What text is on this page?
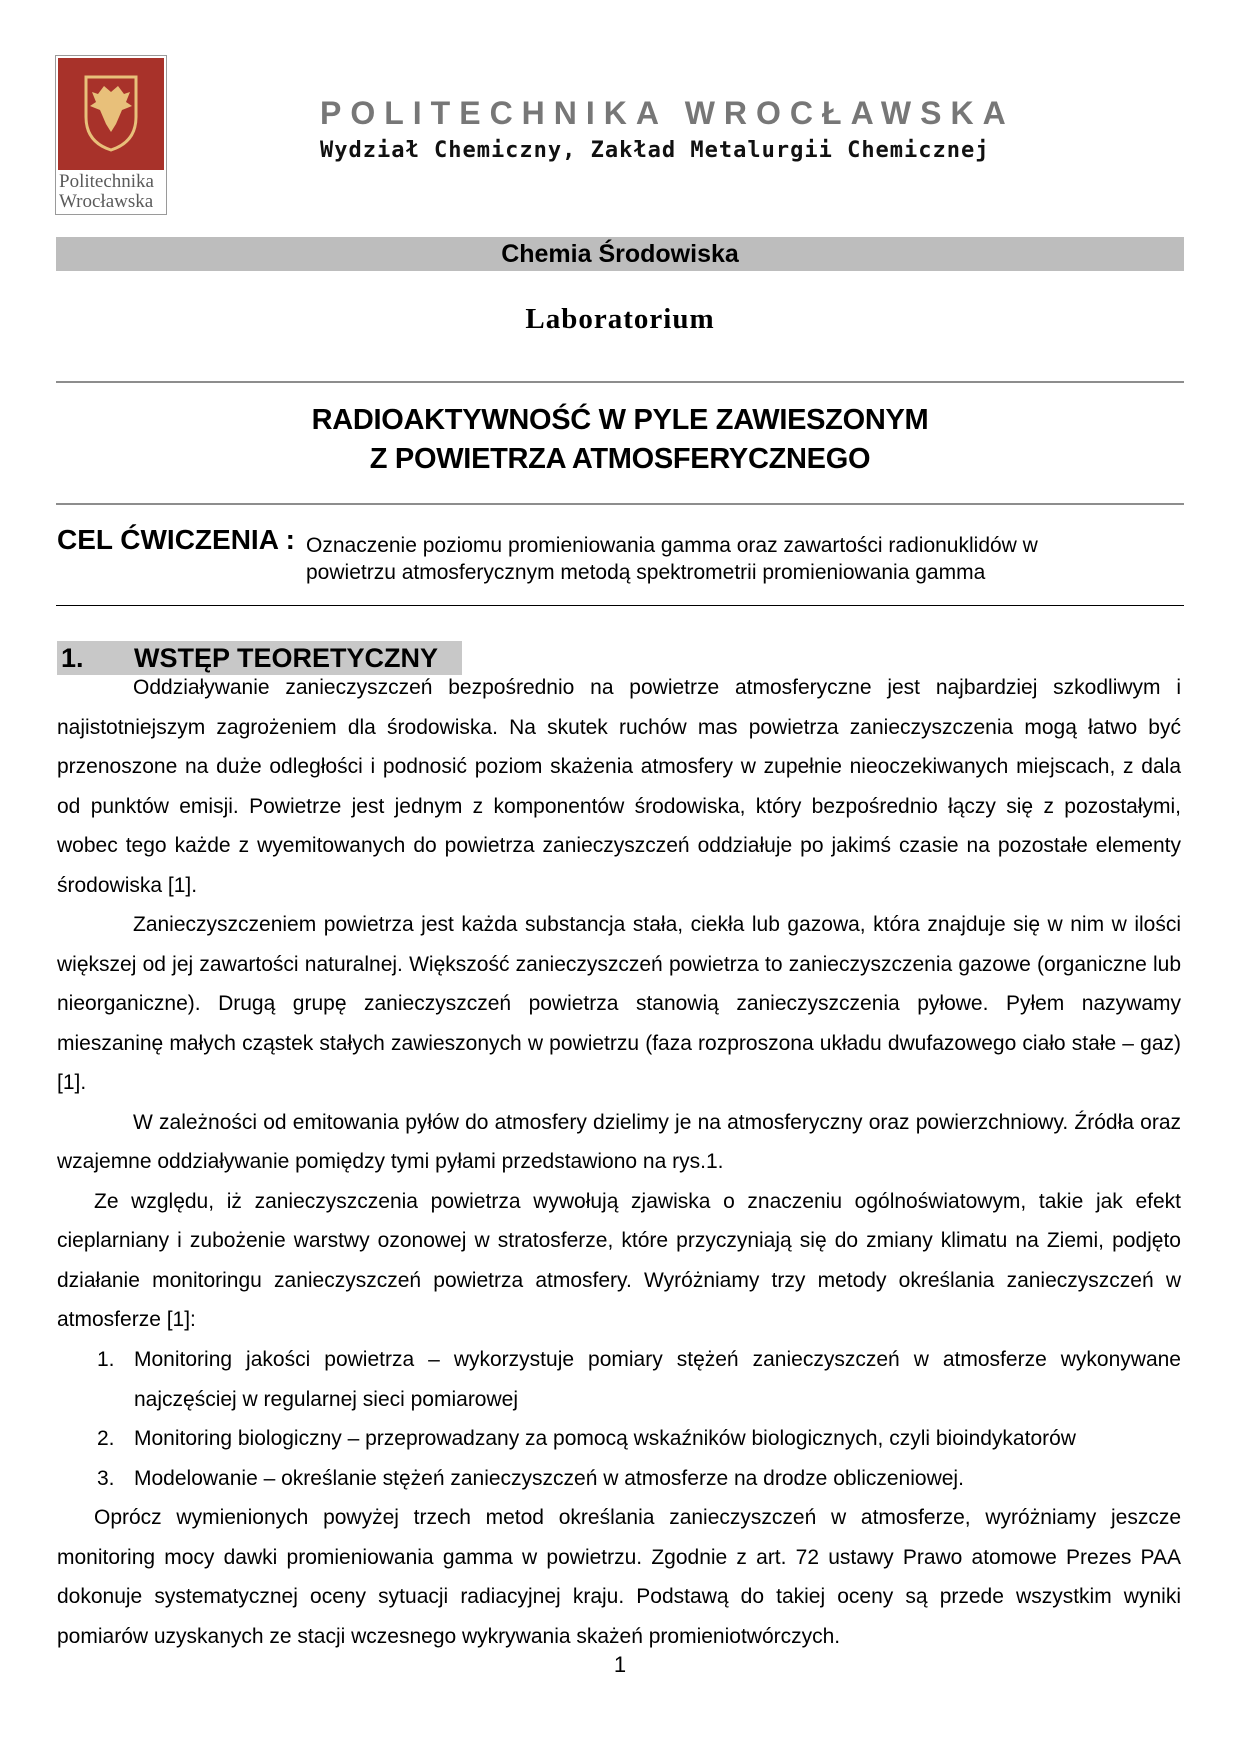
Politechnika
Wrocławska
POLITECHNIKA WROCŁAWSKA
Wydział Chemiczny, Zakład Metalurgii Chemicznej
Chemia Środowiska
Laboratorium
RADIOAKTYWNOŚĆ W PYLE ZAWIESZONYM
Z POWIETRZA ATMOSFERYCZNEGO
CEL ĆWICZENIA : Oznaczenie poziomu promieniowania gamma oraz zawartości radionuklidów w
powietrzu atmosferycznym metodą spektrometrii promieniowania gamma
1. WSTĘP TEORETYCZNY

Oddziaływanie zanieczyszczeń bezpośrednio na powietrze atmosferyczne jest najbardziej szkodliwym i najistotniejszym zagrożeniem dla środowiska. Na skutek ruchów mas powietrza zanieczyszczenia mogą łatwo być przenoszone na duże odległości i podnosić poziom skażenia atmosfery w zupełnie nieoczekiwanych miejscach, z dala od punktów emisji. Powietrze jest jednym z komponentów środowiska, który bezpośrednio łączy się z pozostałymi, wobec tego każde z wyemitowanych do powietrza zanieczyszczeń oddziałuje po jakimś czasie na pozostałe elementy środowiska [1].

Zanieczyszczeniem powietrza jest każda substancja stała, ciekła lub gazowa, która znajduje się w nim w ilości większej od jej zawartości naturalnej. Większość zanieczyszczeń powietrza to zanieczyszczenia gazowe (organiczne lub nieorganiczne). Drugą grupę zanieczyszczeń powietrza stanowią zanieczyszczenia pyłowe. Pyłem nazywamy mieszaninę małych cząstek stałych zawieszonych w powietrzu (faza rozproszona układu dwufazowego ciało stałe – gaz) [1].

W zależności od emitowania pyłów do atmosfery dzielimy je na atmosferyczny oraz powierzchniowy. Źródła oraz wzajemne oddziaływanie pomiędzy tymi pyłami przedstawiono na rys.1.

Ze względu, iż zanieczyszczenia powietrza wywołują zjawiska o znaczeniu ogólnoświatowym, takie jak efekt cieplarniany i zubożenie warstwy ozonowej w stratosferze, które przyczyniają się do zmiany klimatu na Ziemi, podjęto działanie monitoringu zanieczyszczeń powietrza atmosfery. Wyróżniamy trzy metody określania zanieczyszczeń w atmosferze [1]:

1. Monitoring jakości powietrza – wykorzystuje pomiary stężeń zanieczyszczeń w atmosferze wykonywane najczęściej w regularnej sieci pomiarowej
2. Monitoring biologiczny – przeprowadzany za pomocą wskaźników biologicznych, czyli bioindykatorów
3. Modelowanie – określanie stężeń zanieczyszczeń w atmosferze na drodze obliczeniowej.

Oprócz wymienionych powyżej trzech metod określania zanieczyszczeń w atmosferze, wyróżniamy jeszcze monitoring mocy dawki promieniowania gamma w powietrzu. Zgodnie z art. 72 ustawy Prawo atomowe Prezes PAA dokonuje systematycznej oceny sytuacji radiacyjnej kraju. Podstawą do takiej oceny są przede wszystkim wyniki pomiarów uzyskanych ze stacji wczesnego wykrywania skażeń promieniotwórczych.

1
